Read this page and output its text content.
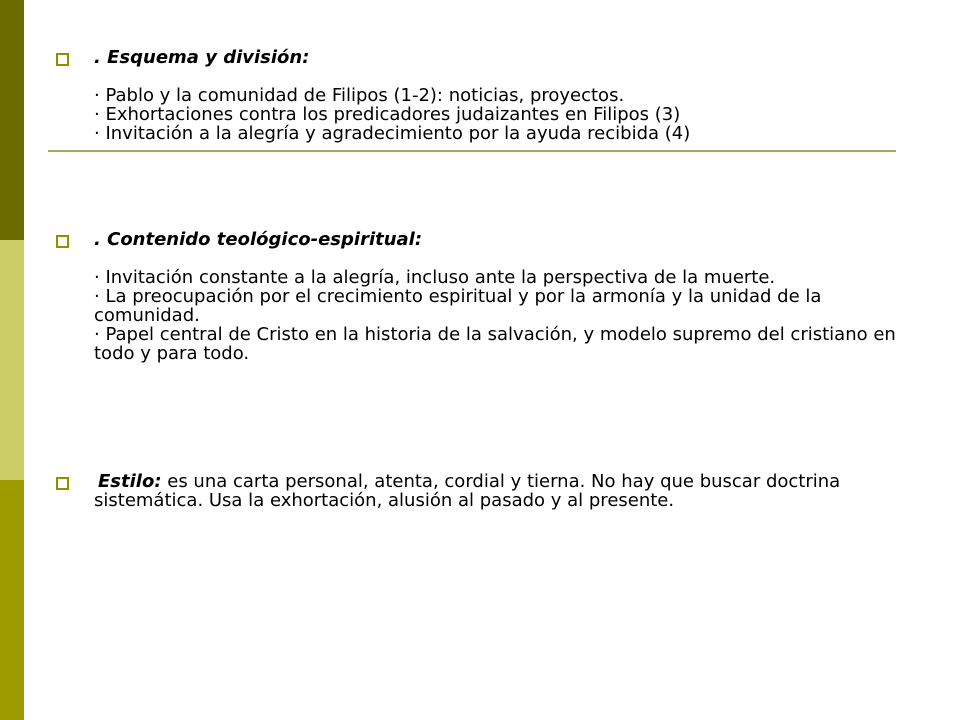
. Esquema y división:
· Pablo y la comunidad de Filipos (1-2): noticias, proyectos.
· Exhortaciones contra los predicadores judaizantes en Filipos (3)
· Invitación a la alegría y agradecimiento por la ayuda recibida (4)
. Contenido teológico-espiritual:
· Invitación constante a la alegría, incluso ante la perspectiva de la muerte.
· La preocupación por el crecimiento espiritual y por la armonía y la unidad de la comunidad.
· Papel central de Cristo en la historia de la salvación, y modelo supremo del cristiano en todo y para todo.
Estilo: es una carta personal, atenta, cordial y tierna. No hay que buscar doctrina sistemática. Usa la exhortación, alusión al pasado y al presente.
